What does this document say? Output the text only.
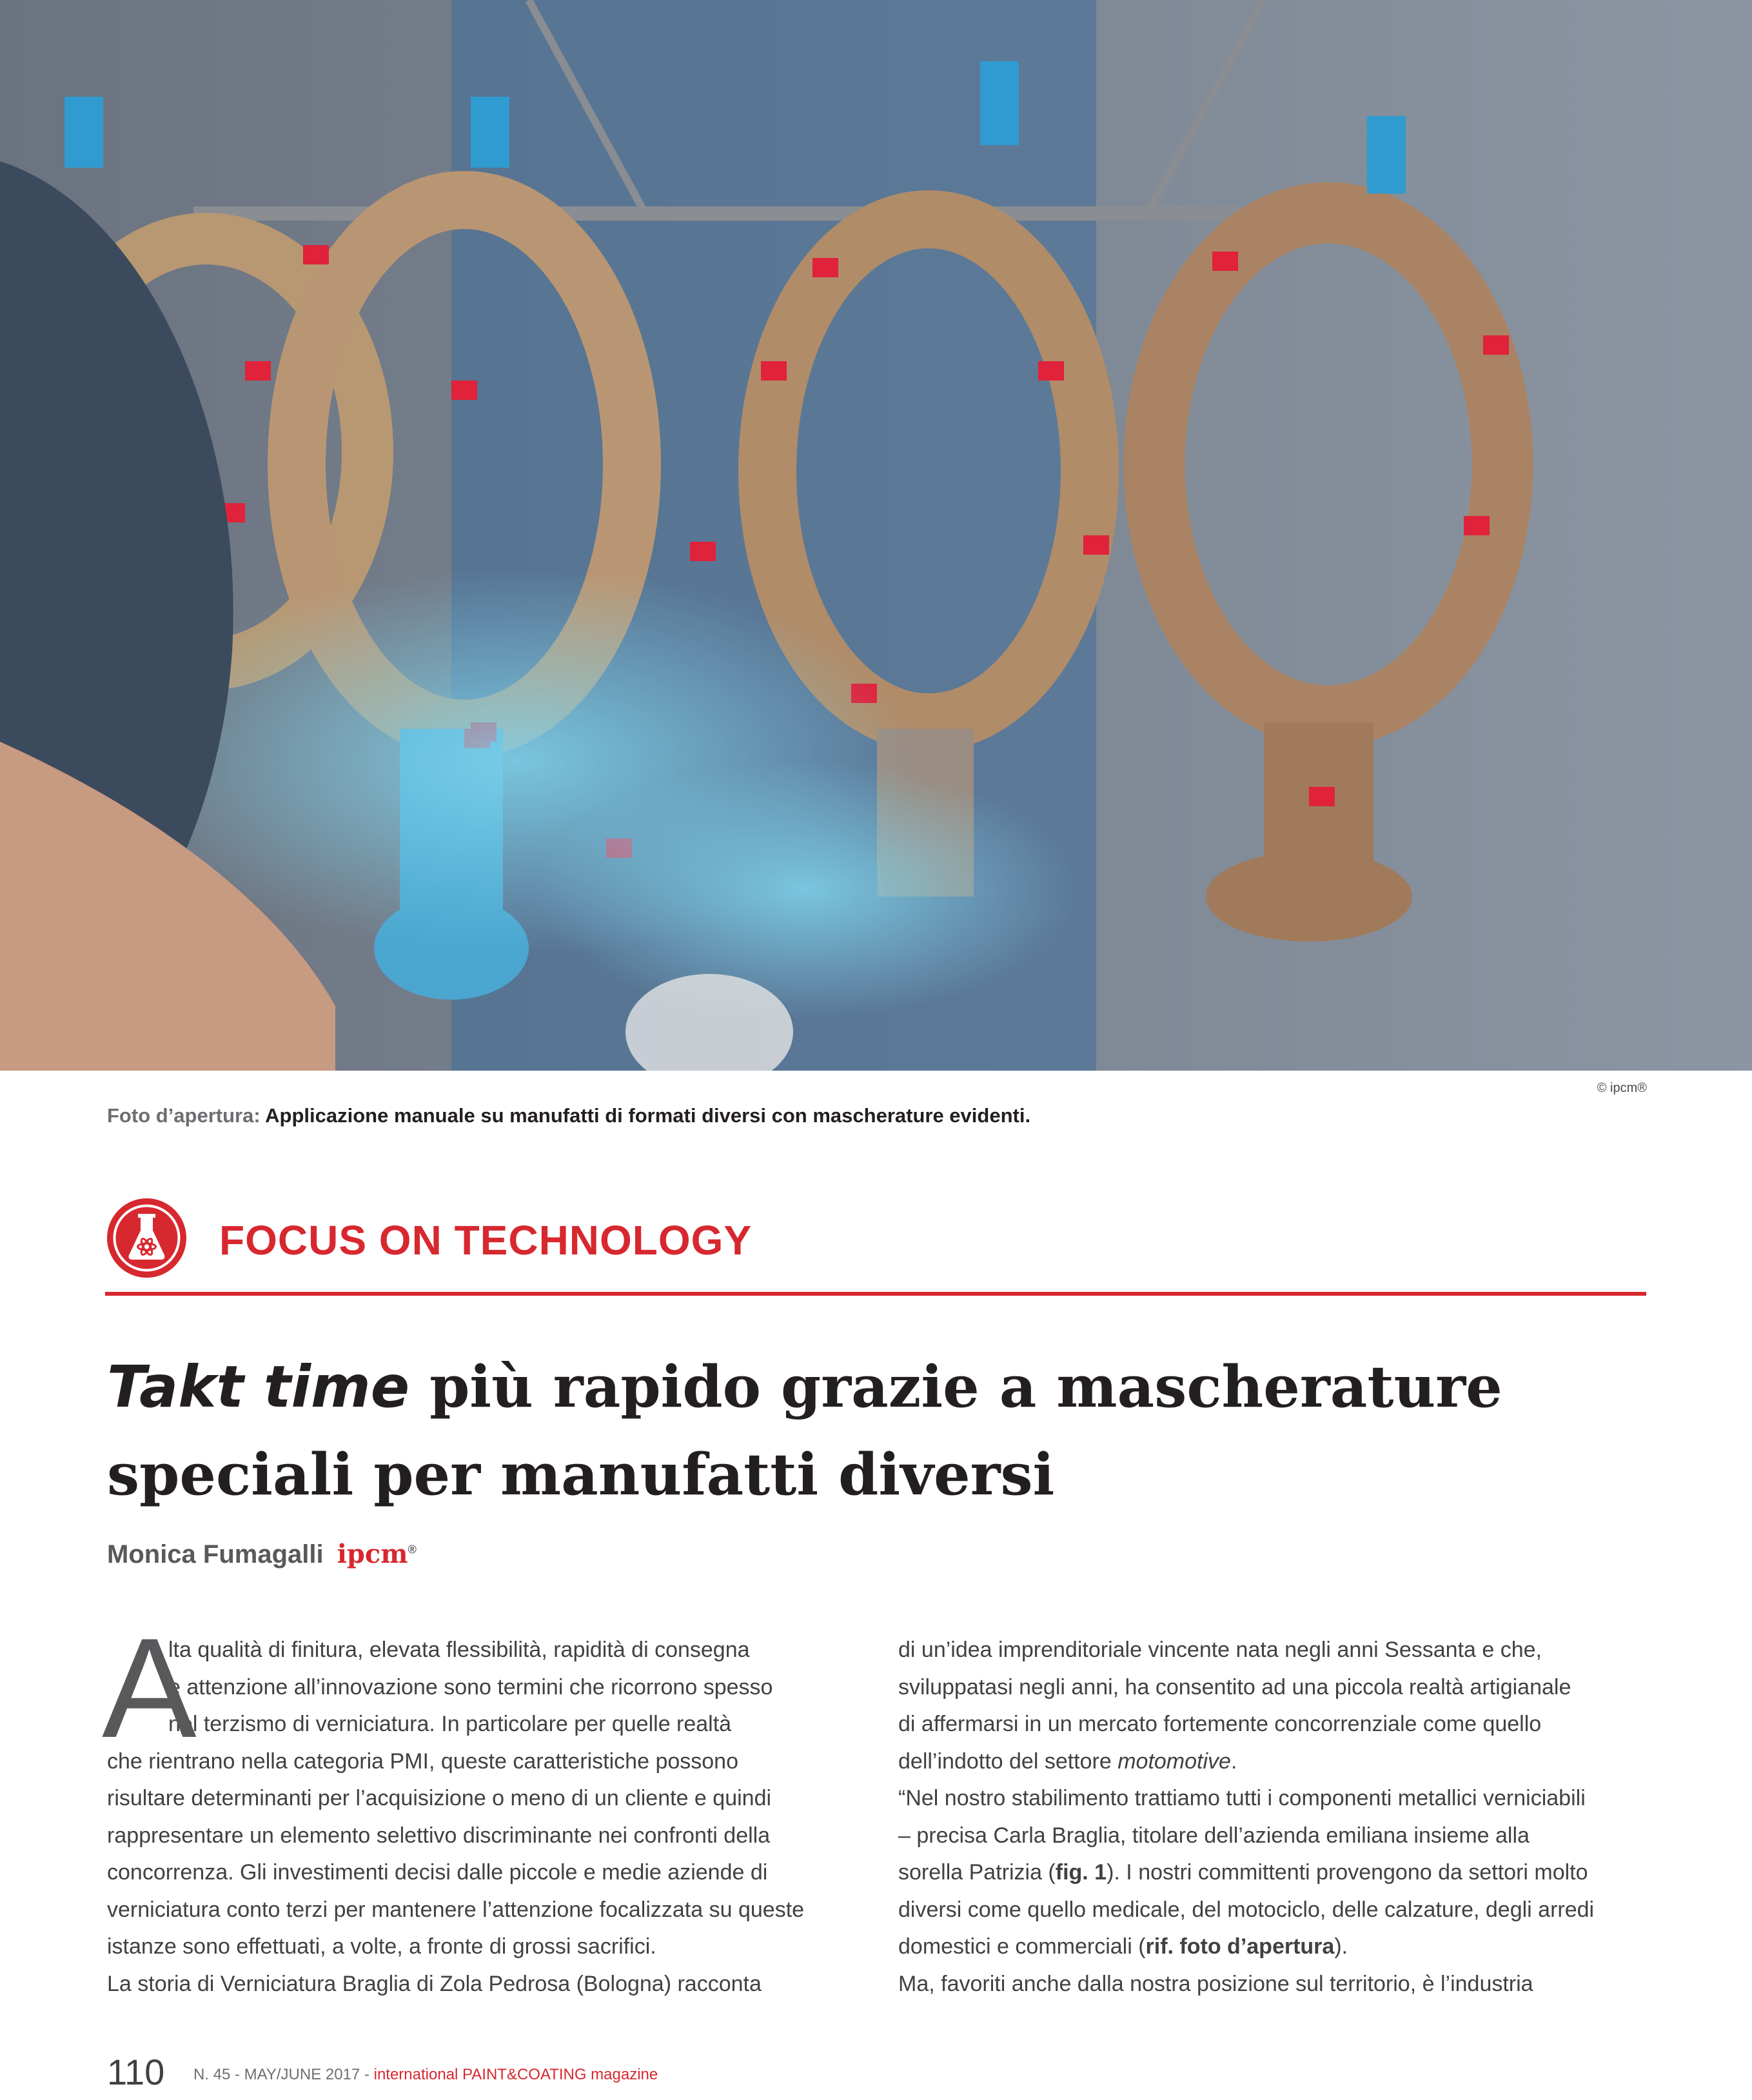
© ipcm®
Foto d’apertura: Applicazione manuale su manufatti di formati diversi con mascherature evidenti.
FOCUS ON TECHNOLOGY
Takt time più rapido grazie a mascherature
speciali per manufatti diversi
Monica Fumagalli ipcm®
A
lta qualità di finitura, elevata flessibilità, rapidità di consegna
e attenzione all’innovazione sono termini che ricorrono spesso
nel terzismo di verniciatura. In particolare per quelle realtà
che rientrano nella categoria PMI, queste caratteristiche possono
risultare determinanti per l’acquisizione o meno di un cliente e quindi
rappresentare un elemento selettivo discriminante nei confronti della
concorrenza. Gli investimenti decisi dalle piccole e medie aziende di
verniciatura conto terzi per mantenere l’attenzione focalizzata su queste
istanze sono effettuati, a volte, a fronte di grossi sacrifici.
La storia di Verniciatura Braglia di Zola Pedrosa (Bologna) racconta
di un’idea imprenditoriale vincente nata negli anni Sessanta e che,
sviluppatasi negli anni, ha consentito ad una piccola realtà artigianale
di affermarsi in un mercato fortemente concorrenziale come quello
dell’indotto del settore motomotive.
“Nel nostro stabilimento trattiamo tutti i componenti metallici verniciabili
– precisa Carla Braglia, titolare dell’azienda emiliana insieme alla
sorella Patrizia (fig. 1). I nostri committenti provengono da settori molto
diversi come quello medicale, del motociclo, delle calzature, degli arredi
domestici e commerciali (rif. foto d’apertura).
Ma, favoriti anche dalla nostra posizione sul territorio, è l’industria
110 N. 45 - MAY/JUNE 2017 - international PAINT&COATING magazine
